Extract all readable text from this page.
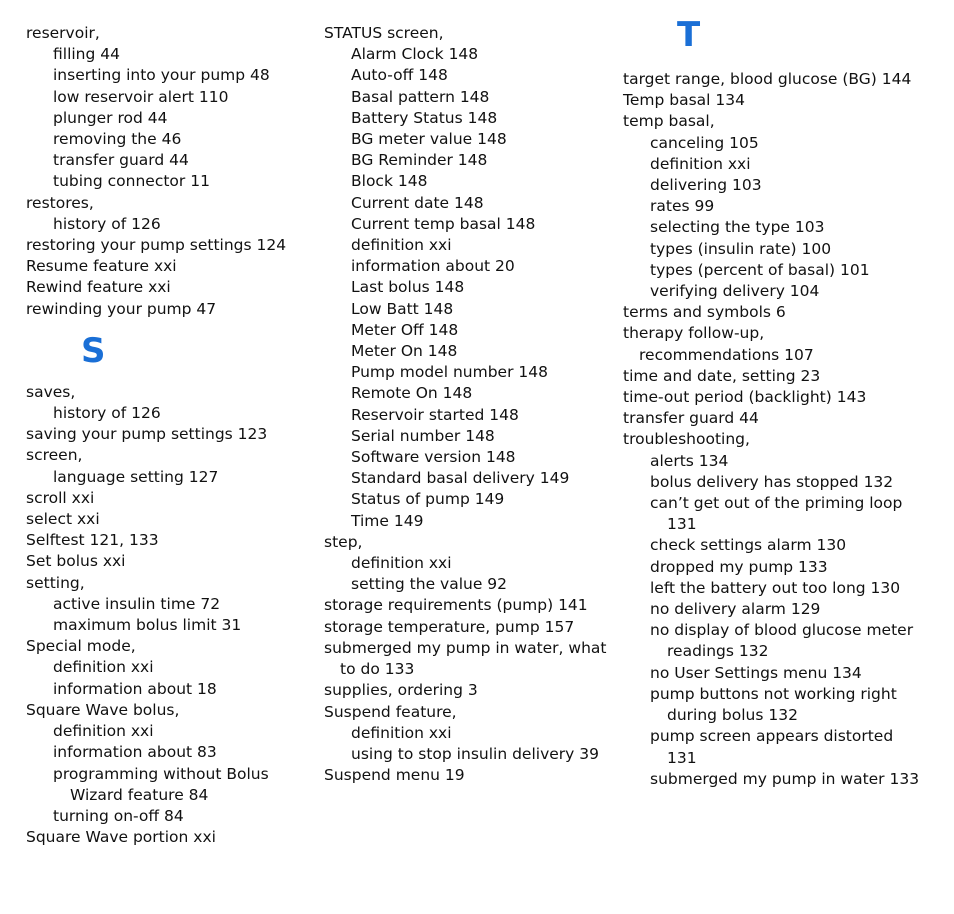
reservoir,
filling 44
inserting into your pump 48
low reservoir alert 110
plunger rod 44
removing the 46
transfer guard 44
tubing connector 11
restores,
history of 126
restoring your pump settings 124
Resume feature xxi
Rewind feature xxi
rewinding your pump 47
S
saves,
history of 126
saving your pump settings 123
screen,
language setting 127
scroll xxi
select xxi
Selftest 121, 133
Set bolus xxi
setting,
active insulin time 72
maximum bolus limit 31
Special mode,
definition xxi
information about 18
Square Wave bolus,
definition xxi
information about 83
programming without Bolus
Wizard feature 84
turning on-off 84
Square Wave portion xxi
STATUS screen,
Alarm Clock 148
Auto-off 148
Basal pattern 148
Battery Status 148
BG meter value 148
BG Reminder 148
Block 148
Current date 148
Current temp basal 148
definition xxi
information about 20
Last bolus 148
Low Batt 148
Meter Off 148
Meter On 148
Pump model number 148
Remote On 148
Reservoir started 148
Serial number 148
Software version 148
Standard basal delivery 149
Status of pump 149
Time 149
step,
definition xxi
setting the value 92
storage requirements (pump) 141
storage temperature, pump 157
submerged my pump in water, what
to do 133
supplies, ordering 3
Suspend feature,
definition xxi
using to stop insulin delivery 39
Suspend menu 19
T
target range, blood glucose (BG) 144
Temp basal 134
temp basal,
canceling 105
definition xxi
delivering 103
rates 99
selecting the type 103
types (insulin rate) 100
types (percent of basal) 101
verifying delivery 104
terms and symbols 6
therapy follow-up,
recommendations 107
time and date, setting 23
time-out period (backlight) 143
transfer guard 44
troubleshooting,
alerts 134
bolus delivery has stopped 132
can’t get out of the priming loop
131
check settings alarm 130
dropped my pump 133
left the battery out too long 130
no delivery alarm 129
no display of blood glucose meter
readings 132
no User Settings menu 134
pump buttons not working right
during bolus 132
pump screen appears distorted
131
submerged my pump in water 133
